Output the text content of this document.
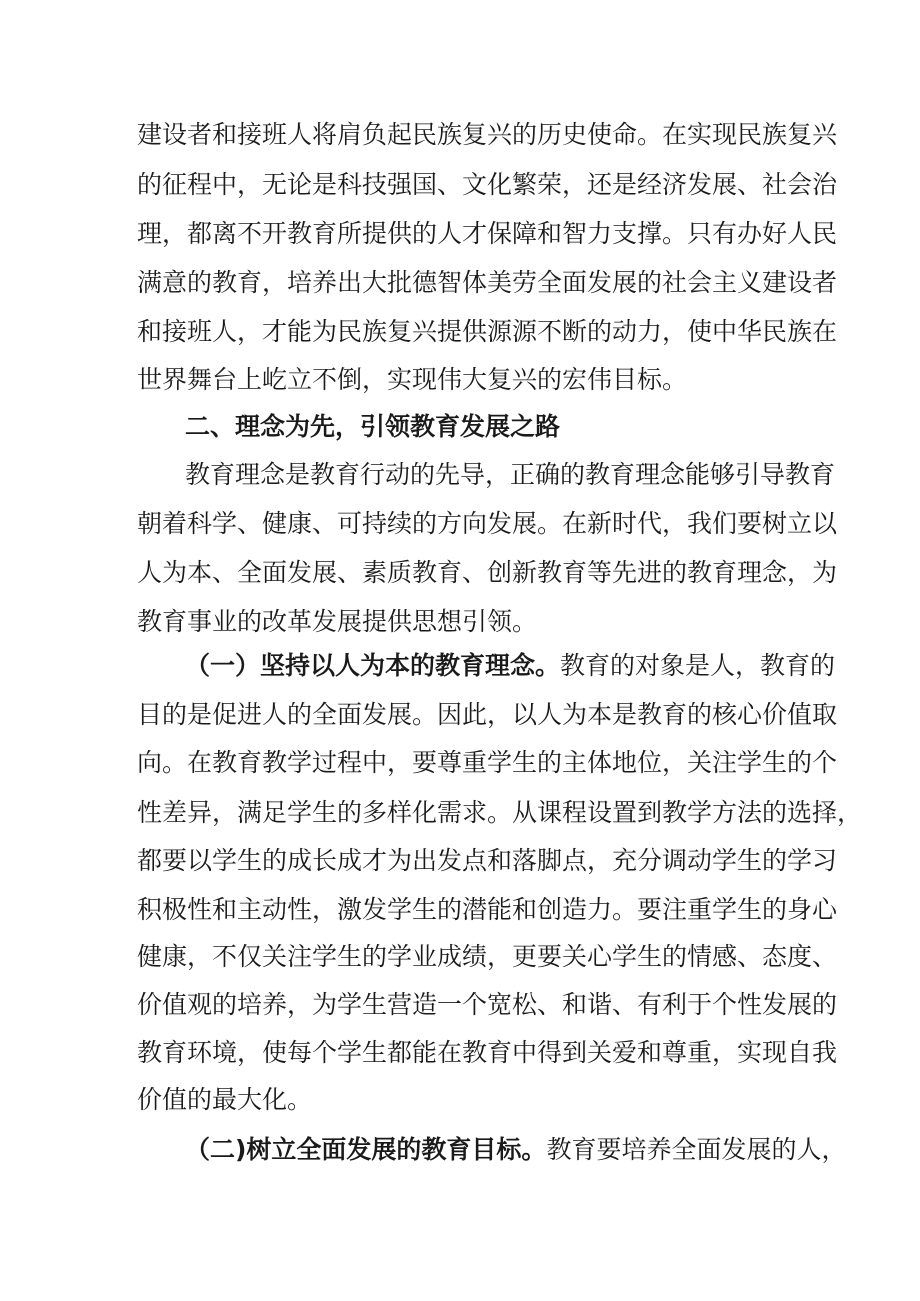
建设者和接班人将肩负起民族复兴的历史使命。在实现民族复兴
的征程中，无论是科技强国、文化繁荣，还是经济发展、社会治
理，都离不开教育所提供的人才保障和智力支撑。只有办好人民
满意的教育，培养出大批德智体美劳全面发展的社会主义建设者
和接班人，才能为民族复兴提供源源不断的动力，使中华民族在
世界舞台上屹立不倒，实现伟大复兴的宏伟目标。
二、理念为先，引领教育发展之路
教育理念是教育行动的先导，正确的教育理念能够引导教育
朝着科学、健康、可持续的方向发展。在新时代，我们要树立以
人为本、全面发展、素质教育、创新教育等先进的教育理念，为
教育事业的改革发展提供思想引领。
（一）坚持以人为本的教育理念。教育的对象是人，教育的
目的是促进人的全面发展。因此，以人为本是教育的核心价值取
向。在教育教学过程中，要尊重学生的主体地位，关注学生的个
性差异，满足学生的多样化需求。从课程设置到教学方法的选择，
都要以学生的成长成才为出发点和落脚点，充分调动学生的学习
积极性和主动性，激发学生的潜能和创造力。要注重学生的身心
健康，不仅关注学生的学业成绩，更要关心学生的情感、态度、
价值观的培养，为学生营造一个宽松、和谐、有利于个性发展的
教育环境，使每个学生都能在教育中得到关爱和尊重，实现自我
价值的最大化。
（二)树立全面发展的教育目标。教育要培养全面发展的人，
